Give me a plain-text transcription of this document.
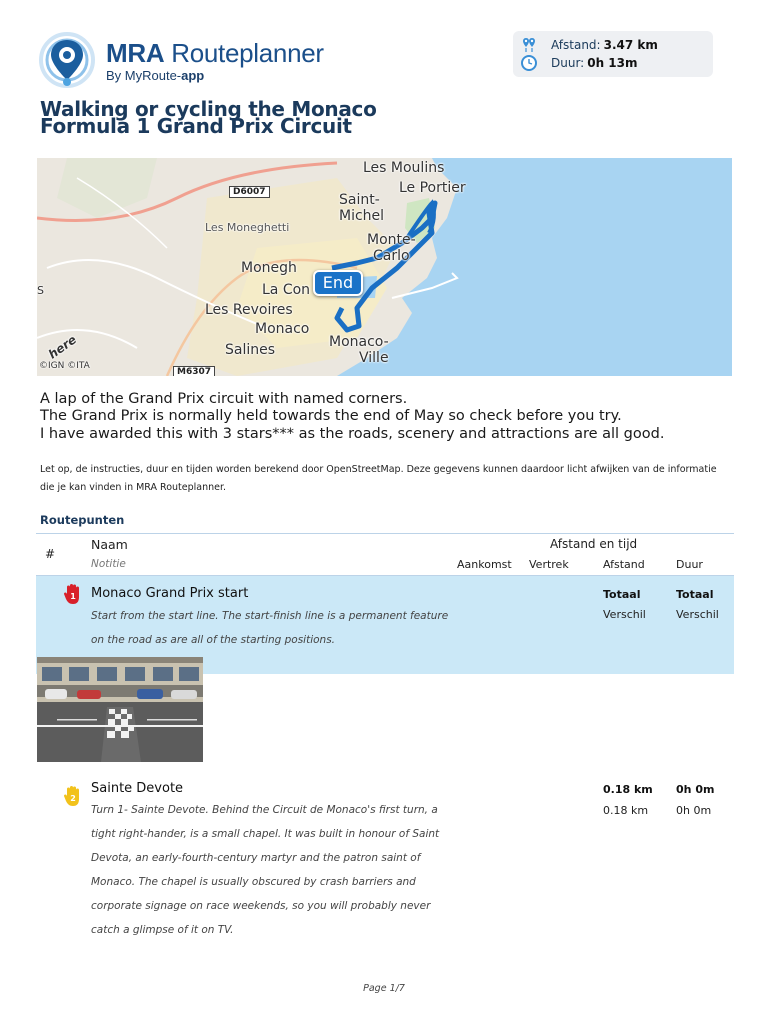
MRA Routeplanner
By MyRoute-app
Afstand: 3.47 km
Duur: 0h 13m
Walking or cycling the Monaco Formula 1 Grand Prix Circuit
Les Moulins
Le Portier
Saint-
Michel
Les Moneghetti
Monte-
Carlo
Monegh
La Con
Les Revoires
Monaco
Monaco-
Ville
Salines
D6007
M6307
S
©IGN ©ITA
here
End
A lap of the Grand Prix circuit with named corners.
The Grand Prix is normally held towards the end of May so check before you try.
I have awarded this with 3 stars*** as the roads, scenery and attractions are all good.
Let op, de instructies, duur en tijden worden berekend door OpenStreetMap. Deze gegevens kunnen daardoor licht afwijken van de informatie die je kan vinden in MRA Routeplanner.
Routepunten
#
Naam
Notitie
Afstand en tijd
Aankomst Vertrek	Afstand	Duur
1 Monaco Grand Prix start
Start from the start line. The start-finish line is a permanent feature on the road as are all of the starting positions.
Totaal	Totaal
Verschil	Verschil
2
Sainte Devote
Turn 1- Sainte Devote. Behind the Circuit de Monaco's first turn, a tight right-hander, is a small chapel. It was built in honour of Saint Devota, an early-fourth-century martyr and the patron saint of Monaco. The chapel is usually obscured by crash barriers and corporate signage on race weekends, so you will probably never catch a glimpse of it on TV.
0.18 km 0h 0m
0.18 km	0h 0m
Page 1/7
